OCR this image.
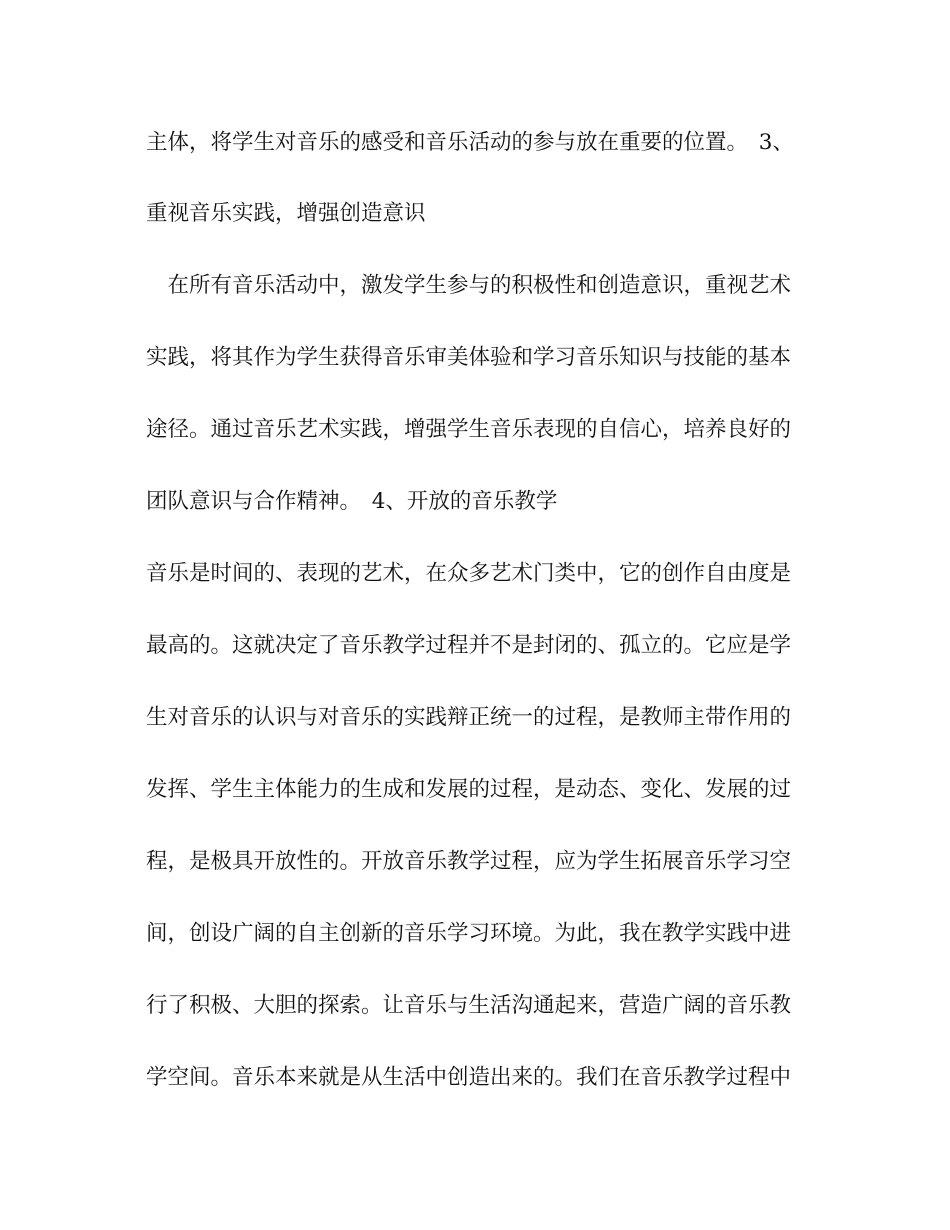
主体，将学生对音乐的感受和音乐活动的参与放在重要的位置。　3、
重视音乐实践，增强创造意识
　在所有音乐活动中，激发学生参与的积极性和创造意识，重视艺术
实践，将其作为学生获得音乐审美体验和学习音乐知识与技能的基本
途径。通过音乐艺术实践，增强学生音乐表现的自信心，培养良好的
团队意识与合作精神。　4、开放的音乐教学
音乐是时间的、表现的艺术，在众多艺术门类中，它的创作自由度是
最高的。这就决定了音乐教学过程并不是封闭的、孤立的。它应是学
生对音乐的认识与对音乐的实践辩正统一的过程，是教师主带作用的
发挥、学生主体能力的生成和发展的过程，是动态、变化、发展的过
程，是极具开放性的。开放音乐教学过程，应为学生拓展音乐学习空
间，创设广阔的自主创新的音乐学习环境。为此，我在教学实践中进
行了积极、大胆的探索。让音乐与生活沟通起来，营造广阔的音乐教
学空间。音乐本来就是从生活中创造出来的。我们在音乐教学过程中
